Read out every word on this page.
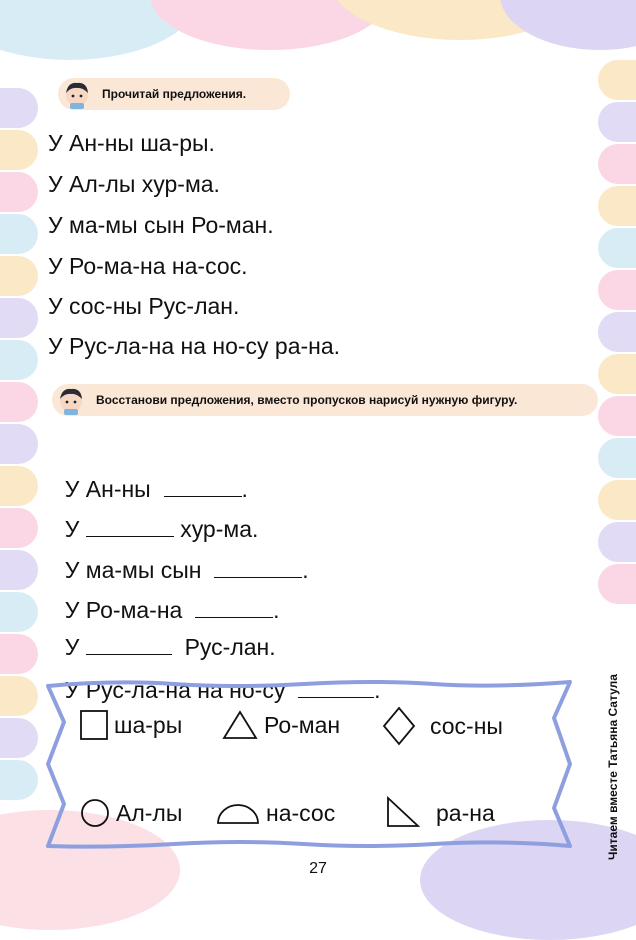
Прочитай предложения.
У Ан-ны ша-ры.
У Ал-лы хур-ма.
У ма-мы сын Ро-ман.
У Ро-ма-на на-сос.
У сос-ны Рус-лан.
У Рус-ла-на на но-су ра-на.
Восстанови предложения, вместо пропусков нарисуй нужную фигуру.

У Ан-ны	.

У	хур-ма.

У ма-мы сын	.

У Ро-ма-на	.

У	Рус-лан.

У Рус-ла-на на но-су	.

ша-ры	Ро-ман	сос-ны
Ал-лы	на-сос	ра-на	Читаем вместе Татьяна Сатула
27
